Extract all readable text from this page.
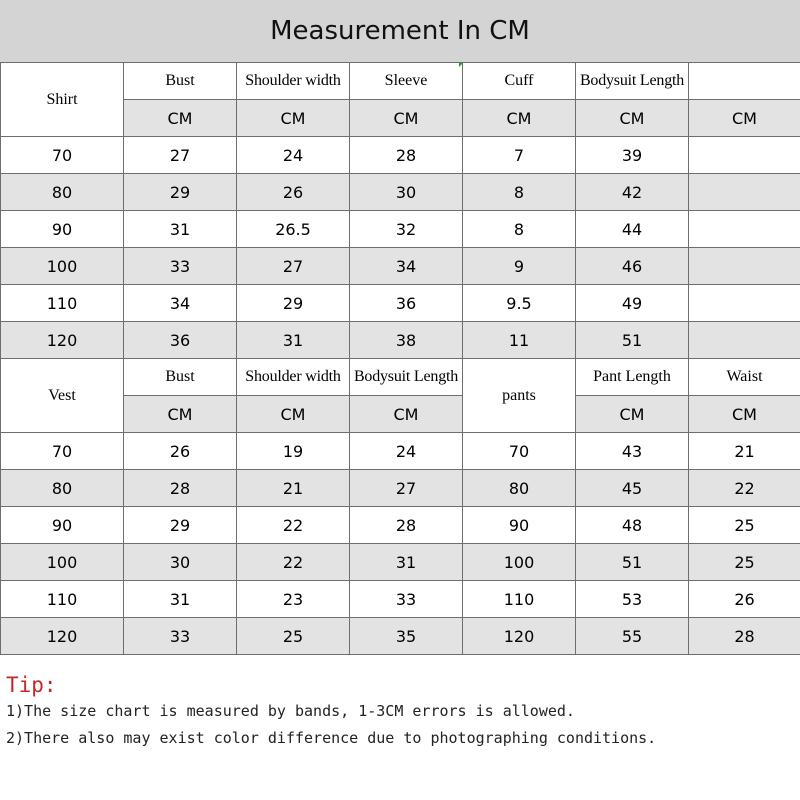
Measurement In CM
Shirt	Bust	Shoulder width	Sleeve	Cuff	Bodysuit Length	
	CM	CM	CM	CM	CM	CM
70	27	24	28	7	39	
80	29	26	30	8	42	
90	31	26.5	32	8	44	
100	33	27	34	9	46	
110	34	29	36	9.5	49	
120	36	31	38	11	51	
Vest	Bust	Shoulder width	Bodysuit Length	pants	Pant Length	Waist
	CM	CM	CM		CM	CM
70	26	19	24	70	43	21
80	28	21	27	80	45	22
90	29	22	28	90	48	25
100	30	22	31	100	51	25
110	31	23	33	110	53	26
120	33	25	35	120	55	28
Tip:
1)The size chart is measured by bands, 1-3CM errors is allowed.
2)There also may exist color difference due to photographing conditions.
